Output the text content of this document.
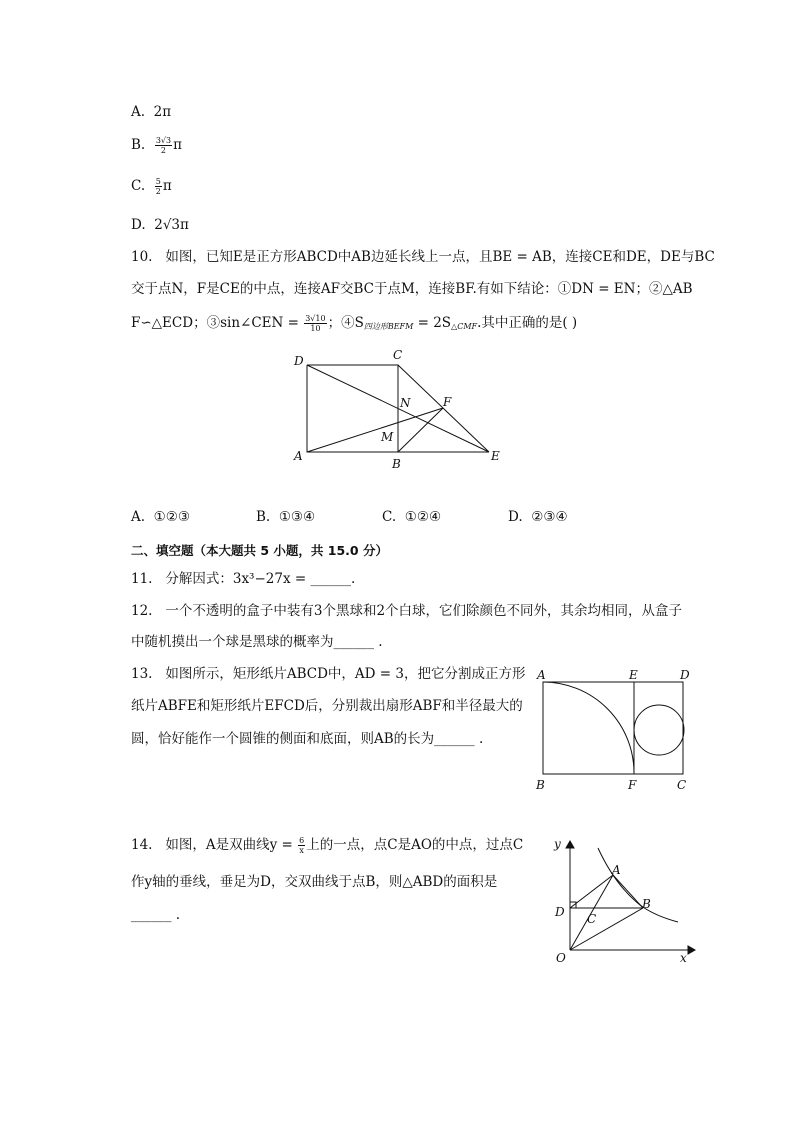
A. 2π
B. $\frac{3√3}{2}$ π
C. $\frac{5}{2}$ π
D. 2√3π
10. 如图，已知E是正方形ABCD中AB边延长线上一点，且BE = AB，连接CE和DE，DE与BC
交于点N，F是CE的中点，连接AF交BC于点M，连接BF.有如下结论：①DN = EN；②△AB
F∽△ECD；③sin∠CEN = $\frac{3√10}{10}$ ；$④S_{四边形BEFM} = 2S_{\triangle CMF}$.其中正确的是( )
D	C
N	F
M
A
B
E
A. ①②③	B. ①③④	C. ①②④	D. ②③④
二、填空题（本大题共 5 小题，共 15.0 分）
11. 分解因式：3x³−27x = ______.
12. 一个不透明的盒子中装有3个黑球和2个白球，它们除颜色不同外，其余均相同，从盒子
中随机摸出一个球是黑球的概率为______ .
13. 如图所示，矩形纸片ABCD中，AD = 3，把它分割成正方形
纸片ABFE和矩形纸片EFCD后，分别裁出扇形ABF和半径最大的
圆，恰好能作一个圆锥的侧面和底面，则AB的长为______ .
A	E	D
B	F	C
14. 如图，A是双曲线$y = \frac{6}{x}$ 上的一点，点C是AO的中点，过点C
作y轴的垂线，垂足为D，交双曲线于点B，则△ABD的面积是
______ .
y
A
D
B
C
O	x
